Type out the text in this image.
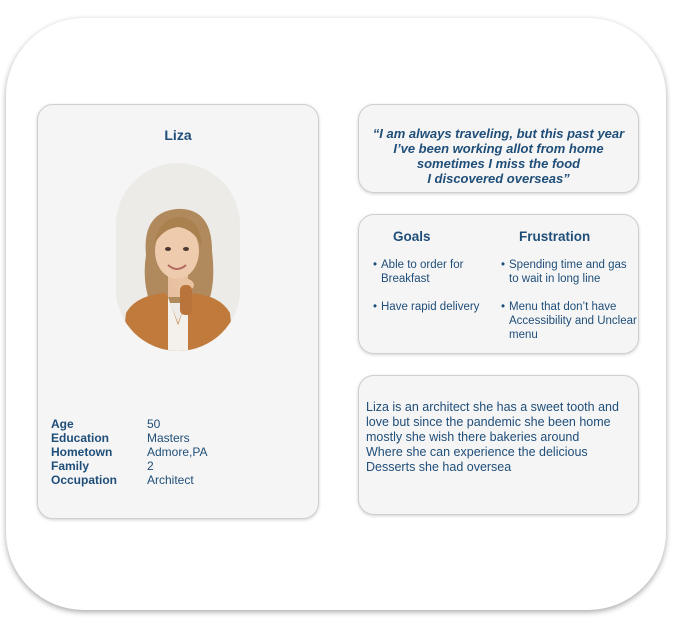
Liza
Age	50
Education	Masters
Hometown	Admore,PA
Family	2
Occupation	Architect
“I am always traveling, but this past year
I’ve been working allot from home
sometimes I miss the food
I discovered overseas”
Goals	Frustration
• Able to order for Breakfast
• Have rapid delivery
• Spending time and gas to wait in long line
• Menu that don’t have Accessibility and Unclear menu
Liza is an architect she has a sweet tooth and
love but since the pandemic she been home
mostly she wish there bakeries around
Where she can experience the delicious
Desserts she had oversea
